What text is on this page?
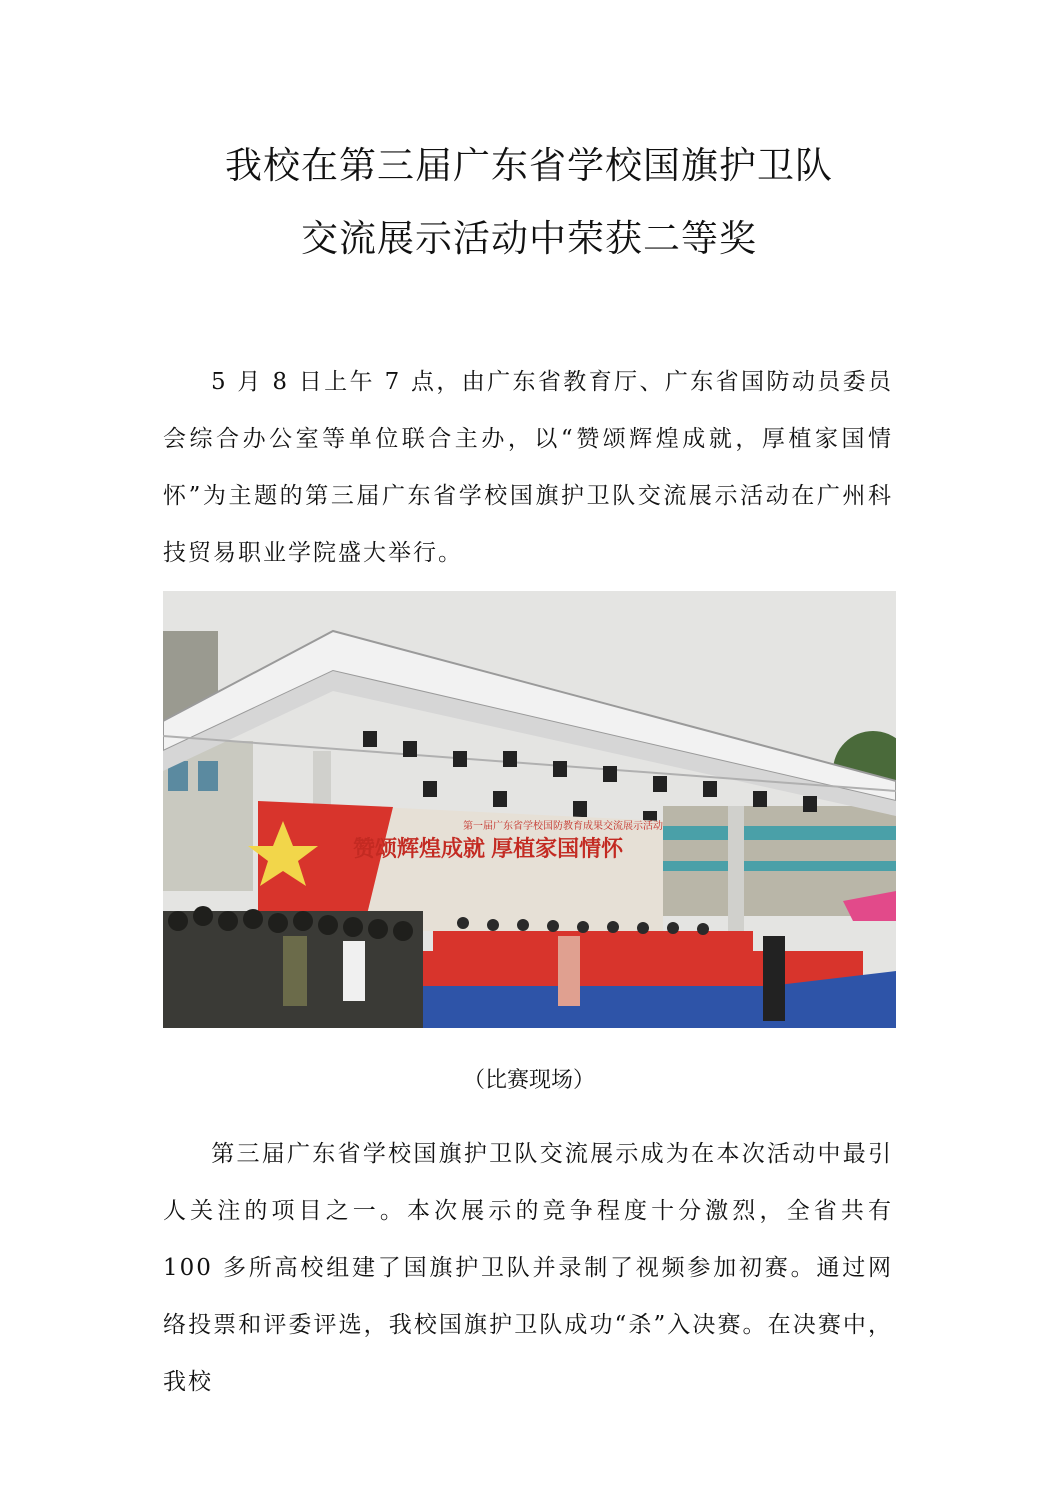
我校在第三届广东省学校国旗护卫队
交流展示活动中荣获二等奖

5 月 8 日上午 7 点，由广东省教育厅、广东省国防动员委员会综合办公室等单位联合主办，以“赞颂辉煌成就，厚植家国情怀”为主题的第三届广东省学校国旗护卫队交流展示活动在广州科技贸易职业学院盛大举行。

第一届广东省学校国防教育成果交流展示活动
赞颂辉煌成就 厚植家国情怀
（比赛现场）

第三届广东省学校国旗护卫队交流展示成为在本次活动中最引人关注的项目之一。本次展示的竞争程度十分激烈，全省共有 100 多所高校组建了国旗护卫队并录制了视频参加初赛。通过网络投票和评委评选，我校国旗护卫队成功“杀”入决赛。在决赛中，我校
